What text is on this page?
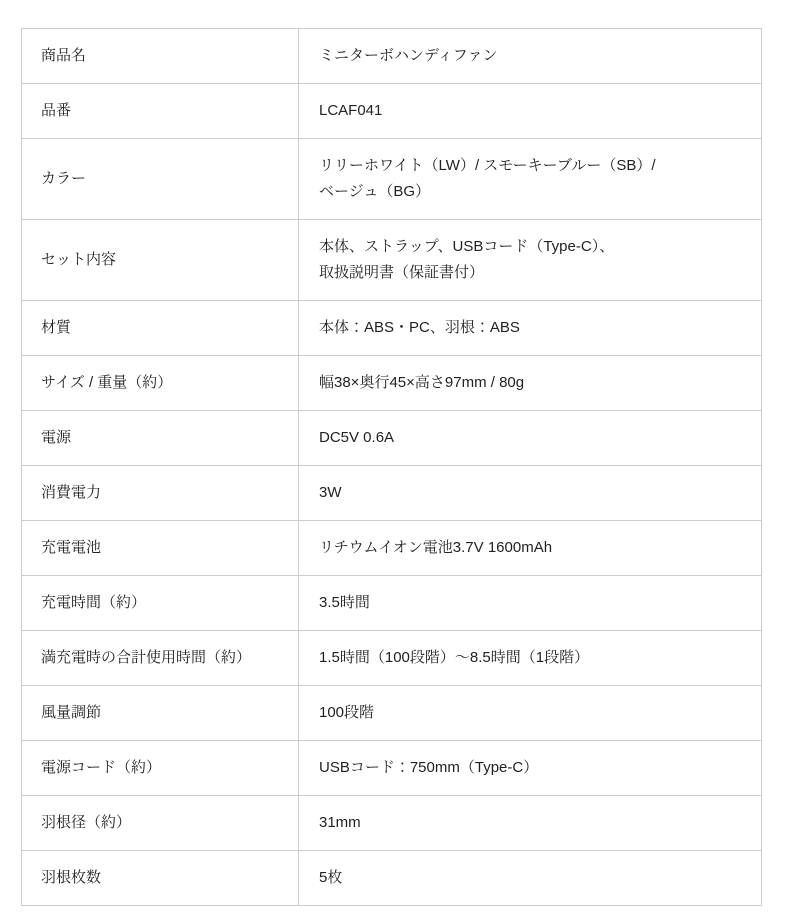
商品名	ミニターボハンディファン

品番	LCAF041

カラー	リリーホワイト（LW）/ スモーキーブルー（SB）/
ベージュ（BG）

セット内容	本体、ストラップ、USBコード（Type-C）、
取扱説明書（保証書付）

材質	本体：ABS・PC、羽根：ABS

サイズ / 重量（約）	幅38×奥行45×高さ97mm / 80g

電源	DC5V 0.6A

消費電力	3W

充電電池	リチウムイオン電池3.7V 1600mAh

充電時間（約）	3.5時間

満充電時の合計使用時間（約）	1.5時間（100段階）～8.5時間（1段階）

風量調節	100段階

電源コード（約）	USBコード：750mm（Type-C）

羽根径（約）	31mm

羽根枚数	5枚
